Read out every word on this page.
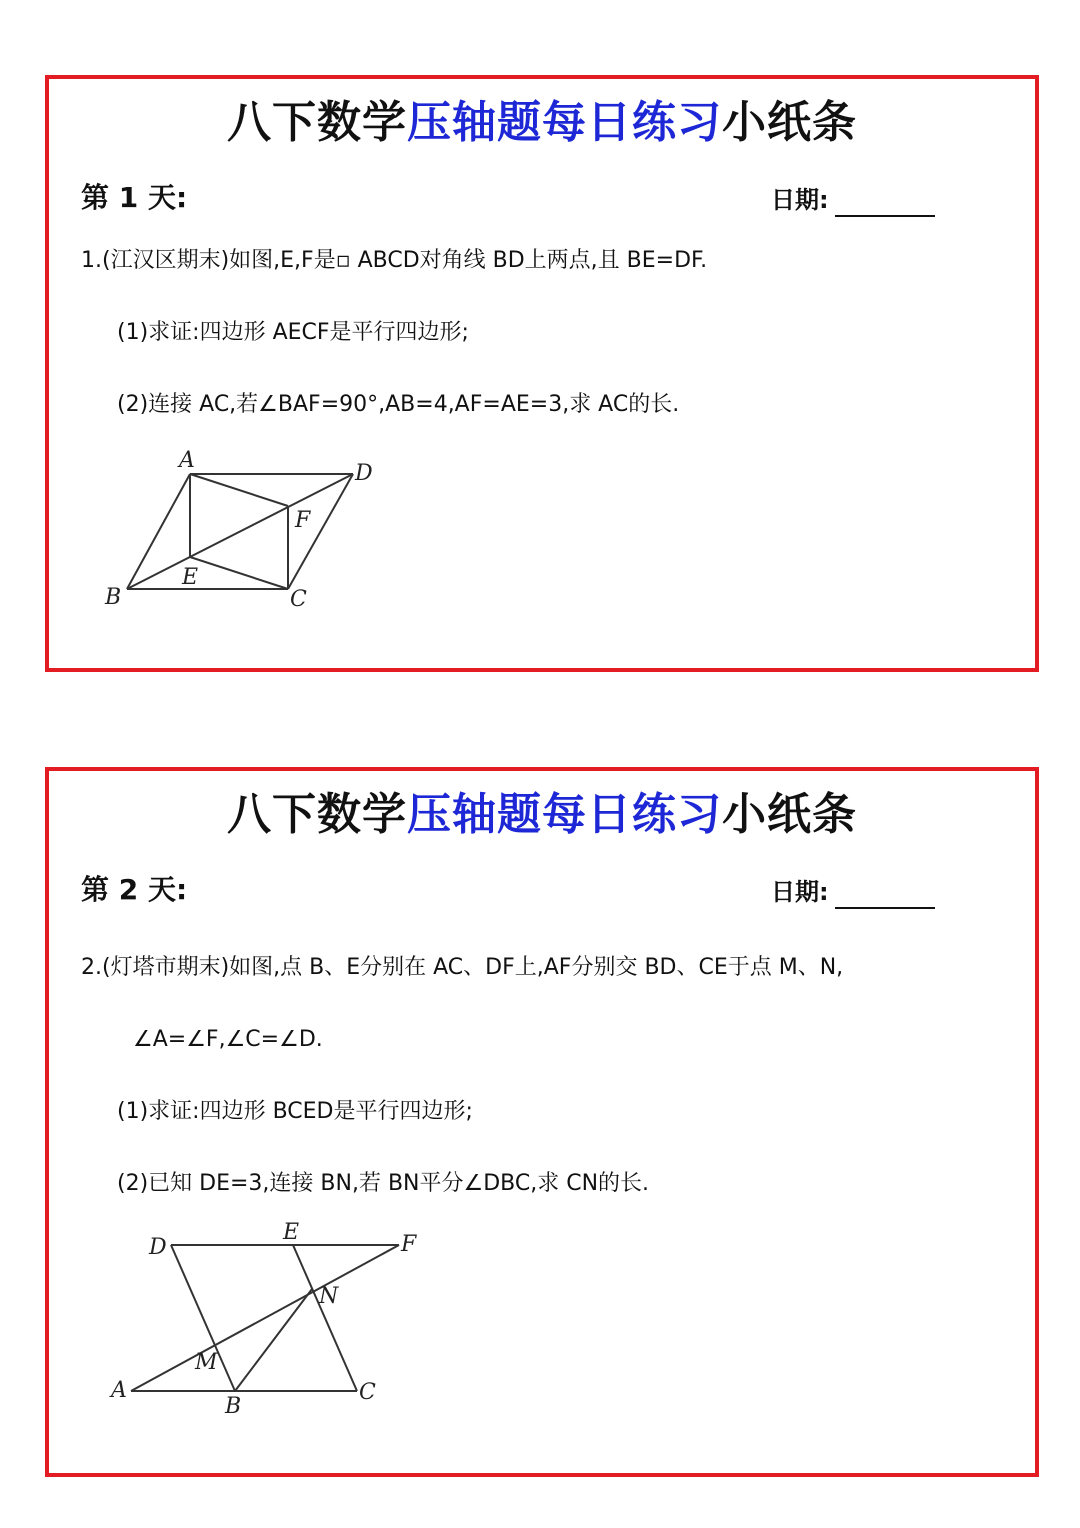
八下数学压轴题每日练习小纸条
第 1 天:	日期:
1.(江汉区期末)如图,E,F是▫ ABCD对角线 BD上两点,且 BE=DF.
(1)求证:四边形 AECF是平行四边形;
(2)连接 AC,若∠BAF=90°,AB=4,AF=AE=3,求 AC的长.
A
D
F
E
B	C
八下数学压轴题每日练习小纸条
第 2 天:	日期:
2.(灯塔市期末)如图,点 B、E分别在 AC、DF上,AF分别交 BD、CE于点 M、N,
∠A=∠F,∠C=∠D.
(1)求证:四边形 BCED是平行四边形;
(2)已知 DE=3,连接 BN,若 BN平分∠DBC,求 CN的长.
D
E	F
N
M
A
B
C
